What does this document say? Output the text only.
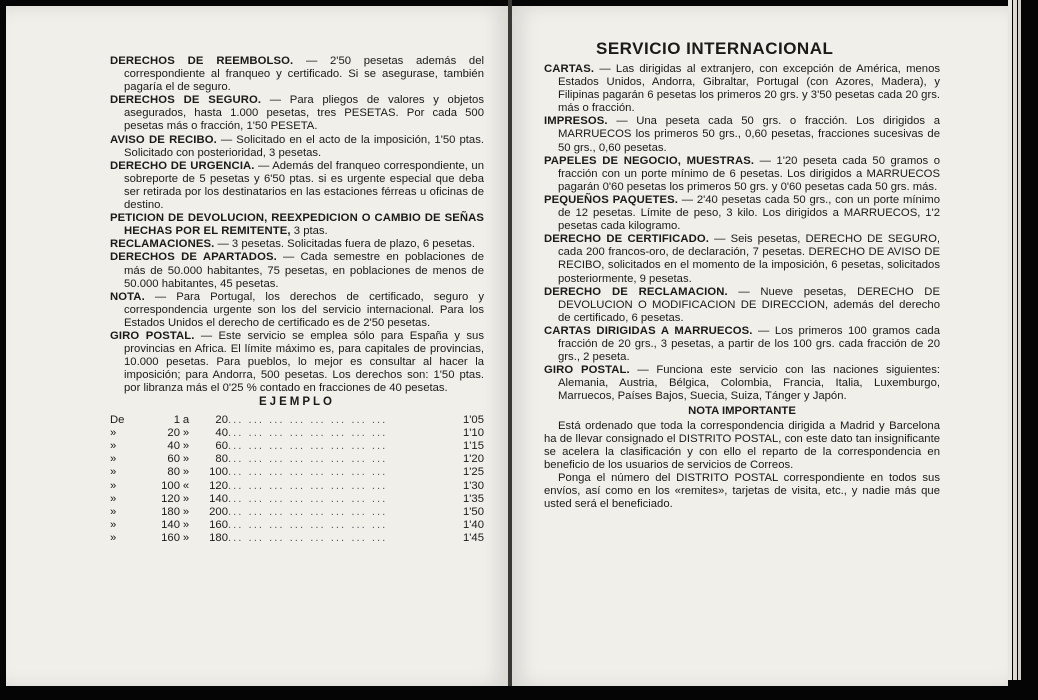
DERECHOS DE REEMBOLSO. — 2'50 pesetas además del correspondiente al franqueo y certificado. Si se asegurase, también pagaría el de seguro.

DERECHOS DE SEGURO. — Para pliegos de valores y objetos asegurados, hasta 1.000 pesetas, tres PESETAS. Por cada 500 pesetas más o fracción, 1'50 PESETA.

AVISO DE RECIBO. — Solicitado en el acto de la imposición, 1'50 ptas. Solicitado con posterioridad, 3 pesetas.

DERECHO DE URGENCIA. — Además del franqueo correspondiente, un sobreporte de 5 pesetas y 6'50 ptas. si es urgente especial que deba ser retirada por los destinatarios en las estaciones férreas u oficinas de destino.

PETICION DE DEVOLUCION, REEXPEDICION O CAMBIO DE SEÑAS HECHAS POR EL REMITENTE, 3 ptas.

RECLAMACIONES. — 3 pesetas. Solicitadas fuera de plazo, 6 pesetas.

DERECHOS DE APARTADOS. — Cada semestre en poblaciones de más de 50.000 habitantes, 75 pesetas, en poblaciones de menos de 50.000 habitantes, 45 pesetas.

NOTA. — Para Portugal, los derechos de certificado, seguro y correspondencia urgente son los del servicio internacional. Para los Estados Unidos el derecho de certificado es de 2'50 pesetas.

GIRO POSTAL. — Este servicio se emplea sólo para España y sus provincias en Africa. El límite máximo es, para capitales de provincias, 10.000 pesetas. Para pueblos, lo mejor es consultar al hacer la imposición; para Andorra, 500 pesetas. Los derechos son: 1'50 ptas. por libranza más el 0'25 % contado en fracciones de 40 pesetas.

EJEMPLO
De	1	a	20	... ... ... ... ... ... ... ...	1'05
»	20	»	40	... ... ... ... ... ... ... ...	1'10
»	40	»	60	... ... ... ... ... ... ... ...	1'15
»	60	»	80	... ... ... ... ... ... ... ...	1'20
»	80	»	100	... ... ... ... ... ... ... ...	1'25
»	100	«	120	... ... ... ... ... ... ... ...	1'30
»	120	»	140	... ... ... ... ... ... ... ...	1'35
»	180	»	200	... ... ... ... ... ... ... ...	1'50
»	140	»	160	... ... ... ... ... ... ... ...	1'40
»	160	»	180	... ... ... ... ... ... ... ...	1'45
SERVICIO INTERNACIONAL

CARTAS. — Las dirigidas al extranjero, con excepción de América, menos Estados Unidos, Andorra, Gibraltar, Portugal (con Azores, Madera), y Filipinas pagarán 6 pesetas los primeros 20 grs. y 3'50 pesetas cada 20 grs. más o fracción.

IMPRESOS. — Una peseta cada 50 grs. o fracción. Los dirigidos a MARRUECOS los primeros 50 grs., 0,60 pesetas, fracciones sucesivas de 50 grs., 0,60 pesetas.

PAPELES DE NEGOCIO, MUESTRAS. — 1'20 peseta cada 50 gramos o fracción con un porte mínimo de 6 pesetas. Los dirigidos a MARRUECOS pagarán 0'60 pesetas los primeros 50 grs. y 0'60 pesetas cada 50 grs. más.

PEQUEÑOS PAQUETES. — 2'40 pesetas cada 50 grs., con un porte mínimo de 12 pesetas. Límite de peso, 3 kilo. Los dirigidos a MARRUECOS, 1'2 pesetas cada kilogramo.

DERECHO DE CERTIFICADO. — Seis pesetas, DERECHO DE SEGURO, cada 200 francos-oro, de declaración, 7 pesetas. DERECHO DE AVISO DE RECIBO, solicitados en el momento de la imposición, 6 pesetas, solicitados posteriormente, 9 pesetas.

DERECHO DE RECLAMACION. — Nueve pesetas, DERECHO DE DEVOLUCION O MODIFICACION DE DIRECCION, además del derecho de certificado, 6 pesetas.

CARTAS DIRIGIDAS A MARRUECOS. — Los primeros 100 gramos cada fracción de 20 grs., 3 pesetas, a partir de los 100 grs. cada fracción de 20 grs., 2 peseta.

GIRO POSTAL. — Funciona este servicio con las naciones siguientes: Alemania, Austria, Bélgica, Colombia, Francia, Italia, Luxemburgo, Marruecos, Países Bajos, Suecia, Suiza, Tánger y Japón.

NOTA IMPORTANTE

Está ordenado que toda la correspondencia dirigida a Madrid y Barcelona ha de llevar consignado el DISTRITO POSTAL, con este dato tan insignificante se acelera la clasificación y con ello el reparto de la correspondencia en beneficio de los usuarios de servicios de Correos.

Ponga el número del DISTRITO POSTAL correspondiente en todos sus envíos, así como en los «remites», tarjetas de visita, etc., y nadie más que usted será el beneficiado.
